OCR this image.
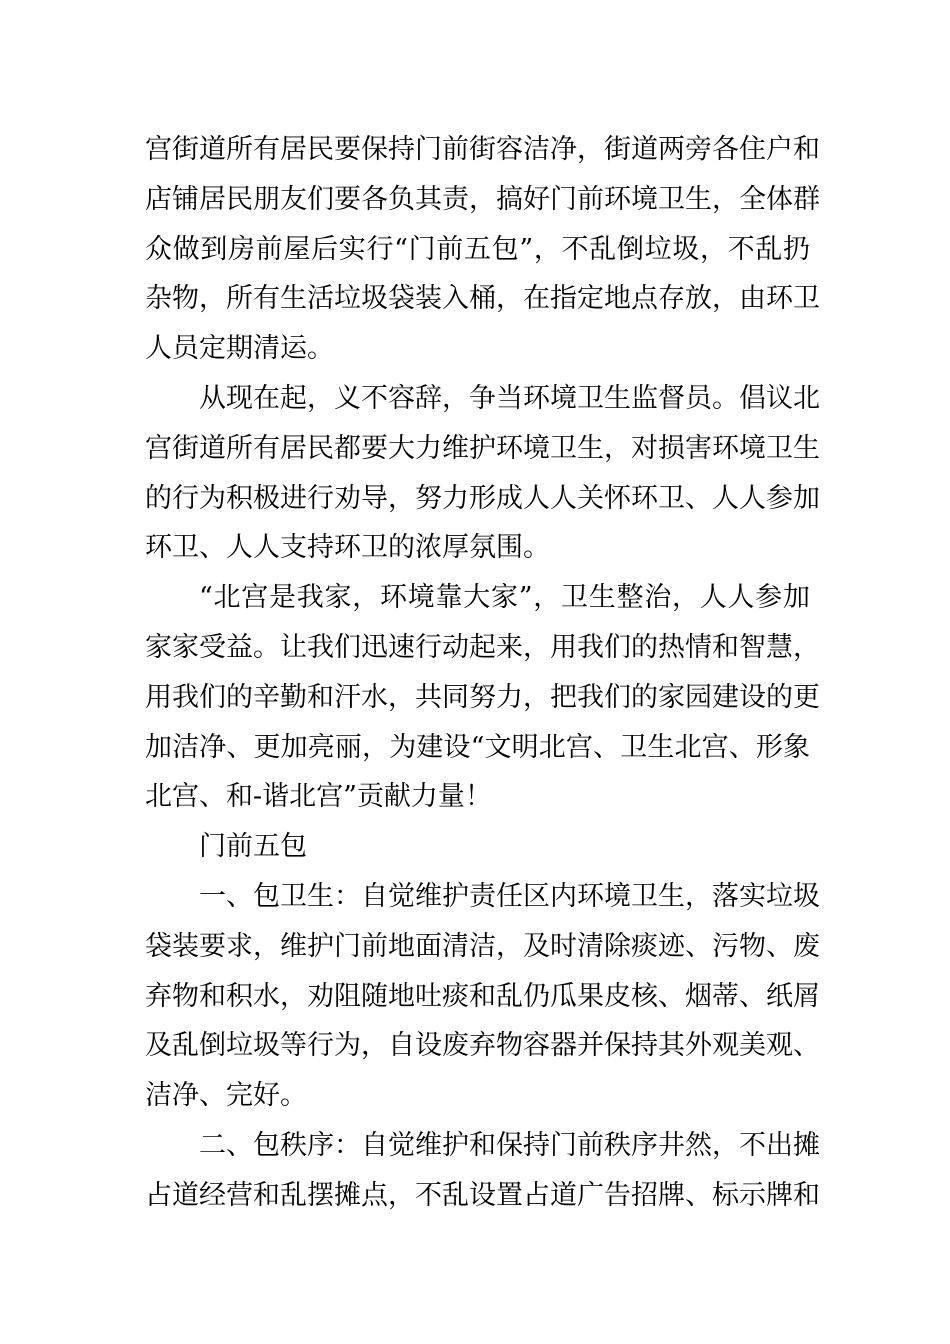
宫街道所有居民要保持门前街容洁净，街道两旁各住户和
店铺居民朋友们要各负其责，搞好门前环境卫生，全体群
众做到房前屋后实行“门前五包”，不乱倒垃圾，不乱扔
杂物，所有生活垃圾袋装入桶，在指定地点存放，由环卫
人员定期清运。
从现在起，义不容辞，争当环境卫生监督员。倡议北
宫街道所有居民都要大力维护环境卫生，对损害环境卫生
的行为积极进行劝导，努力形成人人关怀环卫、人人参加
环卫、人人支持环卫的浓厚氛围。
“北宫是我家，环境靠大家”，卫生整治，人人参加
家家受益。让我们迅速行动起来，用我们的热情和智慧，
用我们的辛勤和汗水，共同努力，把我们的家园建设的更
加洁净、更加亮丽，为建设“文明北宫、卫生北宫、形象
北宫、和-谐北宫”贡献力量！
门前五包
一、包卫生：自觉维护责任区内环境卫生，落实垃圾
袋装要求，维护门前地面清洁，及时清除痰迹、污物、废
弃物和积水，劝阻随地吐痰和乱仍瓜果皮核、烟蒂、纸屑
及乱倒垃圾等行为，自设废弃物容器并保持其外观美观、
洁净、完好。
二、包秩序：自觉维护和保持门前秩序井然，不出摊
占道经营和乱摆摊点，不乱设置占道广告招牌、标示牌和
